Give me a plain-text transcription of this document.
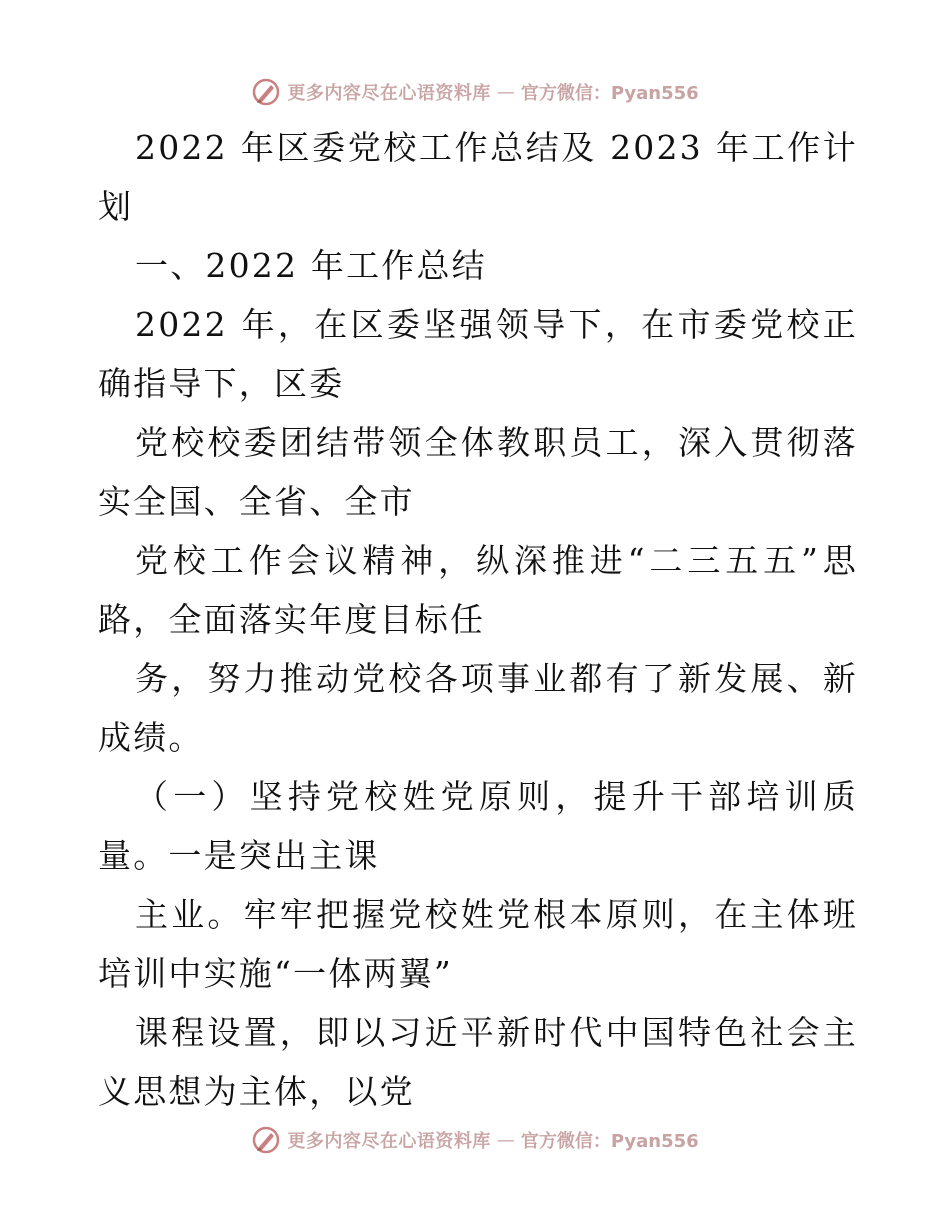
更多内容尽在心语资料库 — 官方微信：Pyan556

2022 年区委党校工作总结及 2023 年工作计划

一、2022 年工作总结

2022 年，在区委坚强领导下，在市委党校正确指导下，区委

党校校委团结带领全体教职员工，深入贯彻落实全国、全省、全市

党校工作会议精神，纵深推进“二三五五”思路，全面落实年度目标任

务，努力推动党校各项事业都有了新发展、新成绩。

（一）坚持党校姓党原则，提升干部培训质量。一是突出主课

主业。牢牢把握党校姓党根本原则，在主体班培训中实施“一体两翼”

课程设置，即以习近平新时代中国特色社会主义思想为主体，以党

更多内容尽在心语资料库 — 官方微信：Pyan556
